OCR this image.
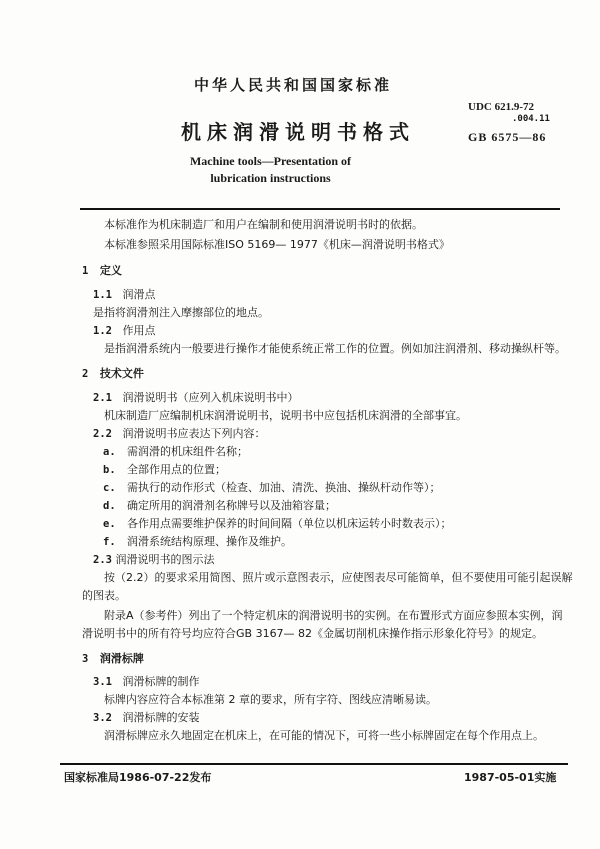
中华人民共和国国家标准
机床润滑说明书格式
Machine tools—Presentation of
lubrication instructions
UDC 621.9-72
.004.11
GB 6575—86
本标准作为机床制造厂和用户在编制和使用润滑说明书时的依据。
本标准参照采用国际标准ISO 5169— 1977《机床—润滑说明书格式》
1 定义
1.1 润滑点
是指将润滑剂注入摩擦部位的地点。
1.2 作用点
是指润滑系统内一般要进行操作才能使系统正常工作的位置。例如加注润滑剂、移动操纵杆等。
2 技术文件
2.1 润滑说明书（应列入机床说明书中）
机床制造厂应编制机床润滑说明书，说明书中应包括机床润滑的全部事宜。
2.2 润滑说明书应表达下列内容：
a. 需润滑的机床组件名称；
b. 全部作用点的位置；
c. 需执行的动作形式（检查、加油、清洗、换油、操纵杆动作等）；
d. 确定所用的润滑剂名称牌号以及油箱容量；
e. 各作用点需要维护保养的时间间隔（单位以机床运转小时数表示）；
f. 润滑系统结构原理、操作及维护。
2.3 润滑说明书的图示法
按（2.2）的要求采用简图、照片或示意图表示，应使图表尽可能简单，但不要使用可能引起误解
的图表。
附录A（参考件）列出了一个特定机床的润滑说明书的实例。在布置形式方面应参照本实例，润
滑说明书中的所有符号均应符合GB 3167— 82《金属切削机床操作指示形象化符号》的规定。
3 润滑标牌
3.1 润滑标牌的制作
标牌内容应符合本标准第 2 章的要求，所有字符、图线应清晰易读。
3.2 润滑标牌的安装
润滑标牌应永久地固定在机床上，在可能的情况下，可将一些小标牌固定在每个作用点上。
国家标准局1986-07-22发布	1987-05-01实施
